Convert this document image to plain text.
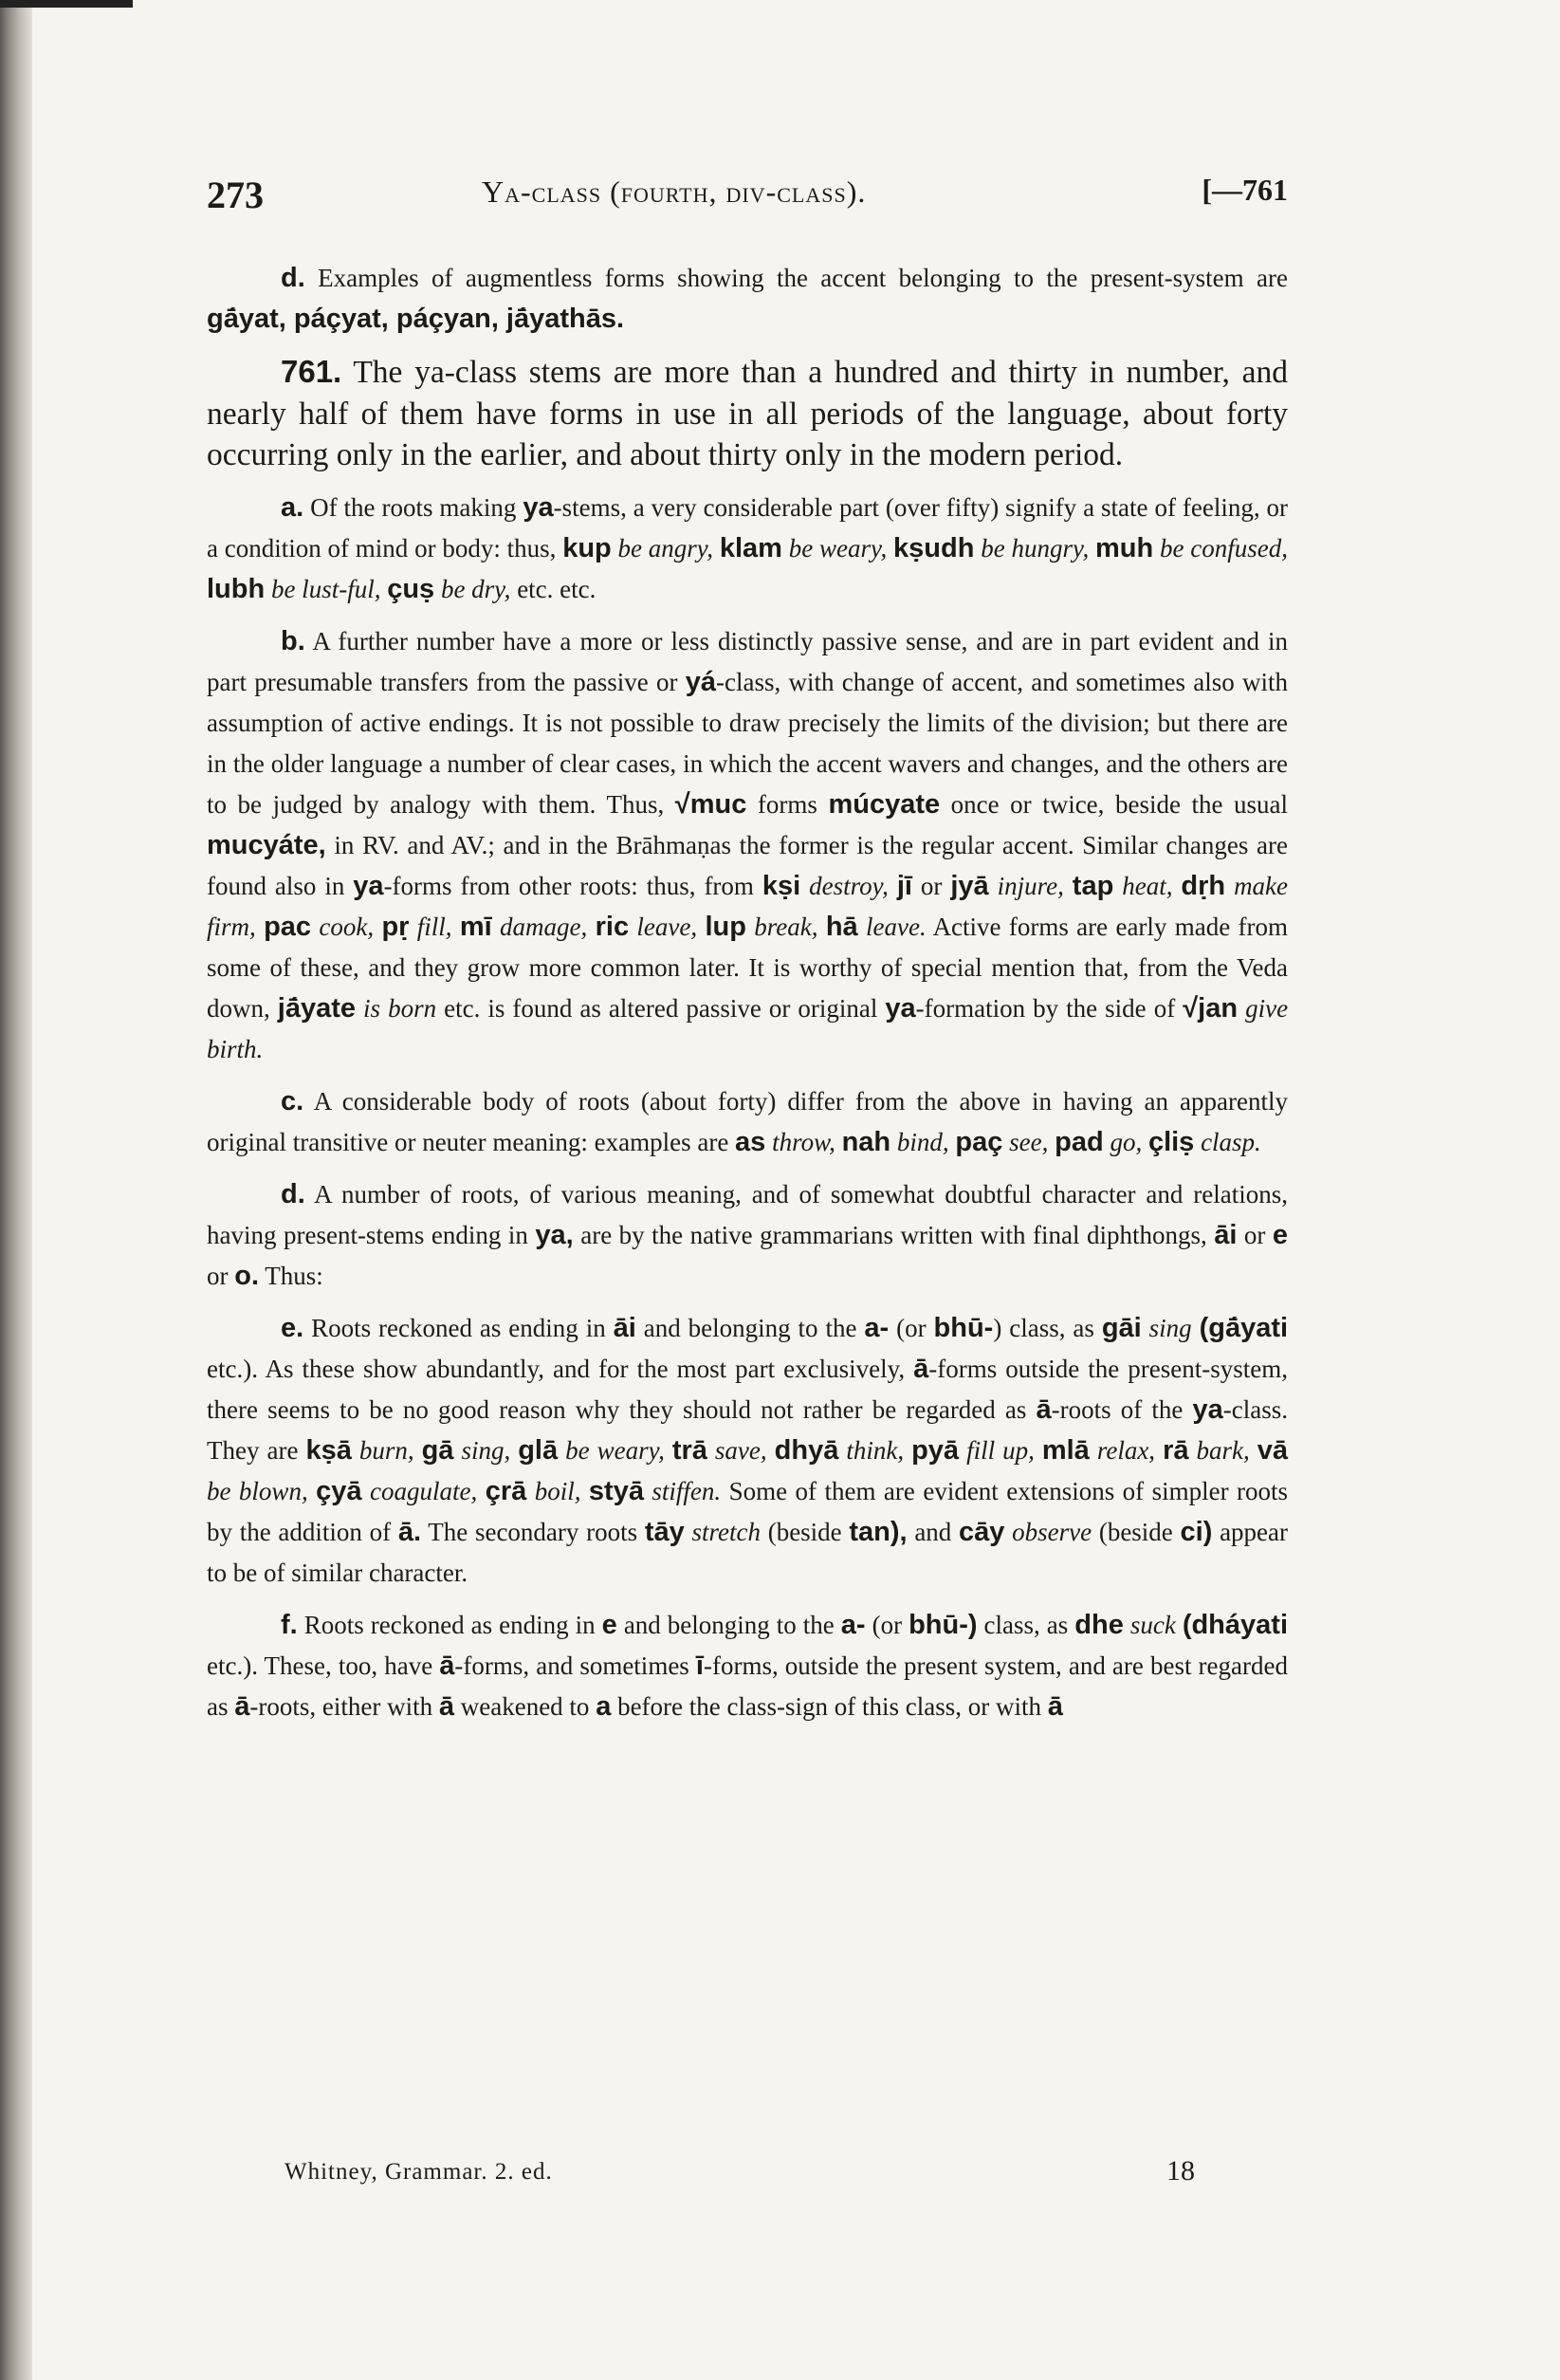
273	Ya-class (fourth, div-class).	[—761

d. Examples of augmentless forms showing the accent belonging to the present-system are gā́yat, páçyat, páçyan, jā́yathās.

761. The ya-class stems are more than a hundred and thirty in number, and nearly half of them have forms in use in all periods of the language, about forty occurring only in the earlier, and about thirty only in the modern period.

a. Of the roots making ya-stems, a very considerable part (over fifty) signify a state of feeling, or a condition of mind or body: thus, kup be angry, klam be weary, kṣudh be hungry, muh be confused, lubh be lust-ful, çuṣ be dry, etc. etc.

b. A further number have a more or less distinctly passive sense, and are in part evident and in part presumable transfers from the passive or yá-class, with change of accent, and sometimes also with assumption of active endings. It is not possible to draw precisely the limits of the division; but there are in the older language a number of clear cases, in which the accent wavers and changes, and the others are to be judged by analogy with them. Thus, √muc forms múcyate once or twice, beside the usual mucyáte, in RV. and AV.; and in the Brāhmaṇas the former is the regular accent. Similar changes are found also in ya-forms from other roots: thus, from kṣi destroy, jī or jyā injure, tap heat, dṛh make firm, pac cook, pṛ fill, mī damage, ric leave, lup break, hā leave. Active forms are early made from some of these, and they grow more common later. It is worthy of special mention that, from the Veda down, jā́yate is born etc. is found as altered passive or original ya-formation by the side of √jan give birth.

c. A considerable body of roots (about forty) differ from the above in having an apparently original transitive or neuter meaning: examples are as throw, nah bind, paç see, pad go, çliṣ clasp.

d. A number of roots, of various meaning, and of somewhat doubtful character and relations, having present-stems ending in ya, are by the native grammarians written with final diphthongs, āi or e or o. Thus:

e. Roots reckoned as ending in āi and belonging to the a- (or bhū-) class, as gāi sing (gā́yati etc.). As these show abundantly, and for the most part exclusively, ā-forms outside the present-system, there seems to be no good reason why they should not rather be regarded as ā-roots of the ya-class. They are kṣā burn, gā sing, glā be weary, trā save, dhyā think, pyā fill up, mlā relax, rā bark, vā be blown, çyā coagulate, çrā boil, styā stiffen. Some of them are evident extensions of simpler roots by the addition of ā. The secondary roots tāy stretch (beside tan), and cāy observe (beside ci) appear to be of similar character.

f. Roots reckoned as ending in e and belonging to the a- (or bhū-) class, as dhe suck (dháyati etc.). These, too, have ā-forms, and sometimes ī-forms, outside the present system, and are best regarded as ā-roots, either with ā weakened to a before the class-sign of this class, or with ā

Whitney, Grammar. 2. ed.	18
